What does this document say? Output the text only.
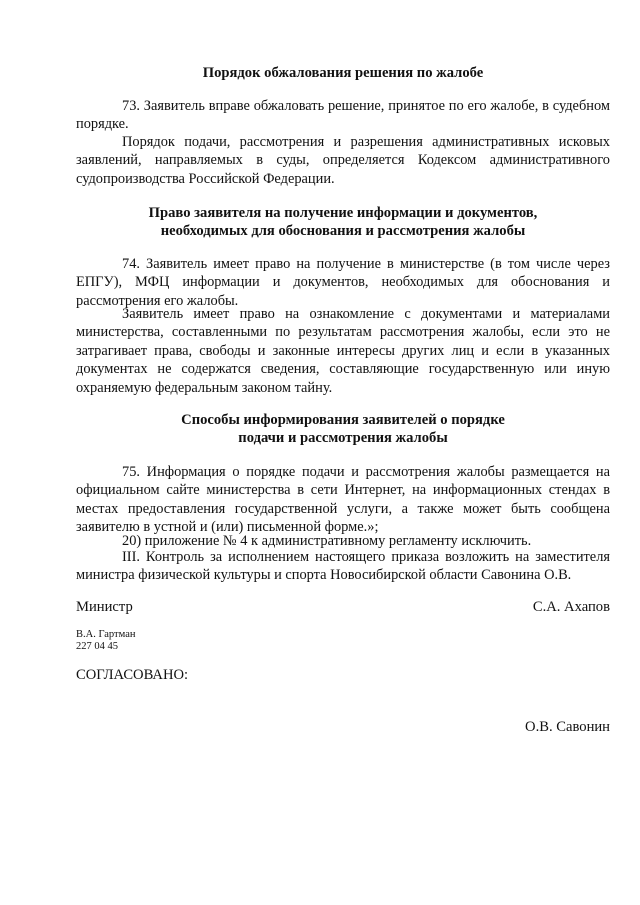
Порядок обжалования решения по жалобе

73. Заявитель вправе обжаловать решение, принятое по его жалобе, в судебном порядке.

Порядок подачи, рассмотрения и разрешения административных исковых заявлений, направляемых в суды, определяется Кодексом административного судопроизводства Российской Федерации.

Право заявителя на получение информации и документов,
необходимых для обоснования и рассмотрения жалобы

74. Заявитель имеет право на получение в министерстве (в том числе через ЕПГУ), МФЦ информации и документов, необходимых для обоснования и рассмотрения его жалобы.

Заявитель имеет право на ознакомление с документами и материалами министерства, составленными по результатам рассмотрения жалобы, если это не затрагивает права, свободы и законные интересы других лиц и если в указанных документах не содержатся сведения, составляющие государственную или иную охраняемую федеральным законом тайну.

Способы информирования заявителей о порядке
подачи и рассмотрения жалобы

75. Информация о порядке подачи и рассмотрения жалобы размещается на официальном сайте министерства в сети Интернет, на информационных стендах в местах предоставления государственной услуги, а также может быть сообщена заявителю в устной и (или) письменной форме.»;

20) приложение № 4 к административному регламенту исключить.

III. Контроль за исполнением настоящего приказа возложить на заместителя министра физической культуры и спорта Новосибирской области Савонина О.В.

Министр	С.А. Ахапов
В.А. Гартман
227 04 45
СОГЛАСОВАНО:
О.В. Савонин
